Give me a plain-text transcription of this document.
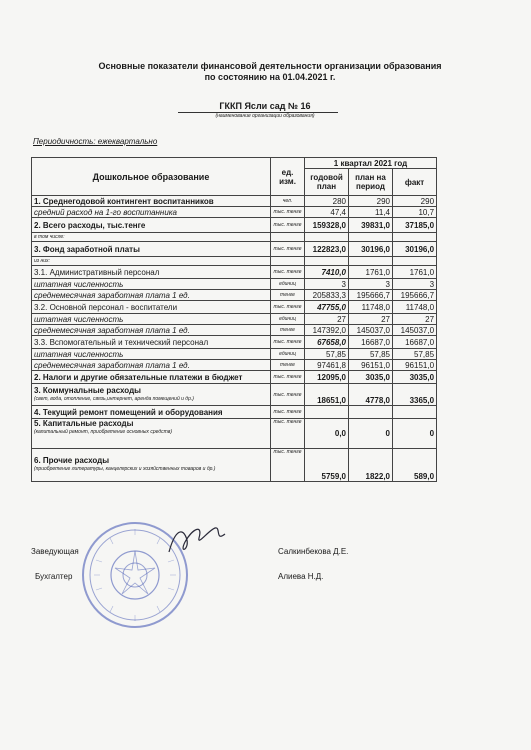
Основные показатели финансовой деятельности организации образования
по состоянию на 01.04.2021 г.
ГККП Ясли сад № 16
(наименование организации образования)
Периодичность: ежеквартально
Дошкольное образование	ед. изм.	1 квартал 2021 год		
		годовой план	план на период	факт
1. Среднегодовой контингент воспитанников	чел.	280	290	290
средний расход на 1-го воспитанника	тыс. тенге	47,4	11,4	10,7
2. Всего расходы, тыс.тенге	тыс. тенге	159328,0	39831,0	37185,0
в том числе:				
3. Фонд заработной платы	тыс. тенге	122823,0	30196,0	30196,0
из них:				
3.1. Административный персонал	тыс. тенге	7410,0	1761,0	1761,0
штатная численность	единиц	3	3	3
среднемесячная заработная плата 1 ед.	тенге	205833,3	195666,7	195666,7
3.2. Основной персонал - воспитатели	тыс. тенге	47755,0	11748,0	11748,0
штатная численность	единиц	27	27	27
среднемесячная заработная плата 1 ед.	тенге	147392,0	145037,0	145037,0
3.3. Вспомогательный и технический персонал	тыс. тенге	67658,0	16687,0	16687,0
штатная численность	единиц	57,85	57,85	57,85
среднемесячная заработная плата 1 ед.	тенге	97461,8	96151,0	96151,0
2. Налоги и другие обязательные платежи в бюджет	тыс. тенге	12095,0	3035,0	3035,0

3. Коммунальные расходы
(свет, вода, отопление, связь,интернет, аренда помещений и др.)	тыс. тенге	18651,0	4778,0	3365,0
4. Текущий ремонт помещений и оборудования	тыс. тенге			

5. Капитальные расходы
(капитальный ремонт, приобретение основных средств)	тыс. тенге	0,0	0	0

6. Прочие расходы
(приобретение литературы, канцелярских и хозяйственных товаров и др.)	тыс. тенге	5759,0	1822,0	589,0
Заведующая	Салкинбекова Д.Е.
Бухгалтер	Алиева Н.Д.
